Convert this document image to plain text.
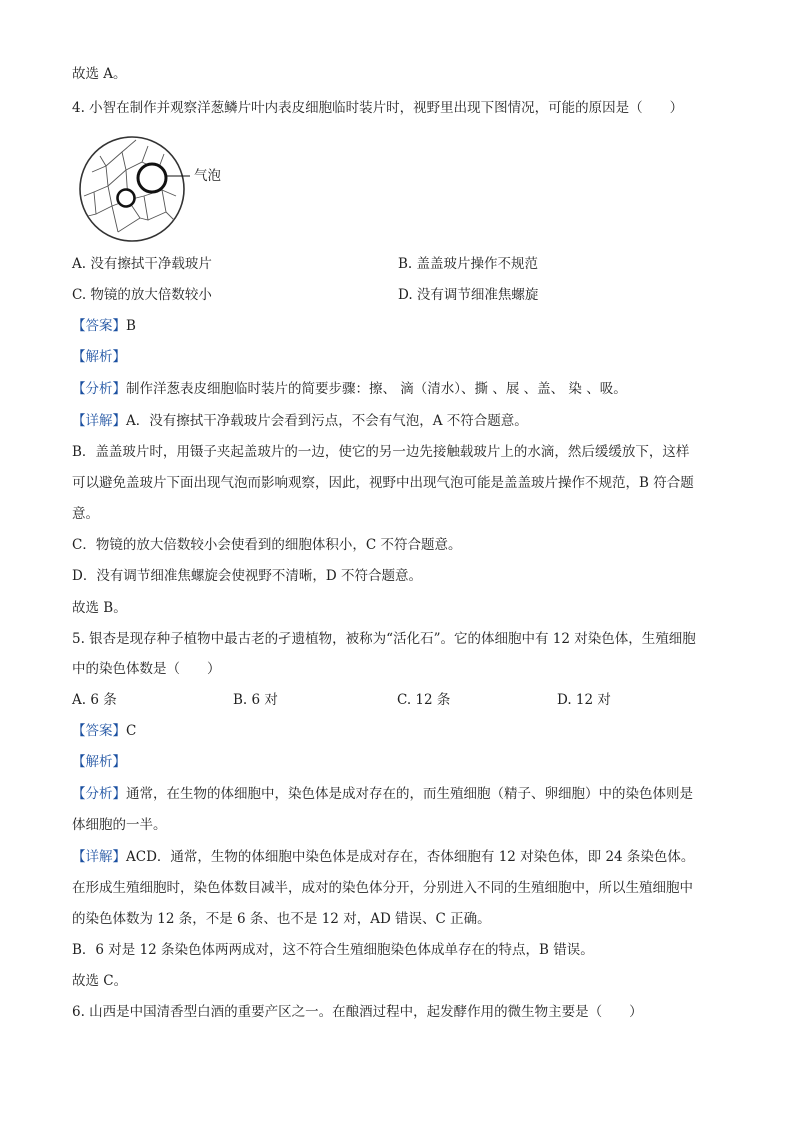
故选 A。
4. 小智在制作并观察洋葱鳞片叶内表皮细胞临时装片时，视野里出现下图情况，可能的原因是（　　）
气泡
A. 没有擦拭干净载玻片	B. 盖盖玻片操作不规范
C. 物镜的放大倍数较小	D. 没有调节细准焦螺旋
【答案】B
【解析】
【分析】制作洋葱表皮细胞临时装片的简要步骤：擦、 滴（清水）、撕 、展 、盖、 染 、吸。
【详解】A．没有擦拭干净载玻片会看到污点，不会有气泡，A 不符合题意。
B．盖盖玻片时，用镊子夹起盖玻片的一边，使它的另一边先接触载玻片上的水滴，然后缓缓放下，这样
可以避免盖玻片下面出现气泡而影响观察，因此，视野中出现气泡可能是盖盖玻片操作不规范，B 符合题
意。
C．物镜的放大倍数较小会使看到的细胞体积小，C 不符合题意。
D．没有调节细准焦螺旋会使视野不清晰，D 不符合题意。
故选 B。
5. 银杏是现存种子植物中最古老的孑遗植物，被称为“活化石”。它的体细胞中有 12 对染色体，生殖细胞
中的染色体数是（　　）
A. 6 条	B. 6 对	C. 12 条	D. 12 对
【答案】C
【解析】
【分析】通常，在生物的体细胞中，染色体是成对存在的，而生殖细胞（精子、卵细胞）中的染色体则是
体细胞的一半。
【详解】ACD．通常，生物的体细胞中染色体是成对存在，杏体细胞有 12 对染色体，即 24 条染色体。
在形成生殖细胞时，染色体数目减半，成对的染色体分开，分别进入不同的生殖细胞中，所以生殖细胞中
的染色体数为 12 条，不是 6 条、也不是 12 对，AD 错误、C 正确。
B．6 对是 12 条染色体两两成对，这不符合生殖细胞染色体成单存在的特点，B 错误。
故选 C。
6. 山西是中国清香型白酒的重要产区之一。在酿酒过程中，起发酵作用的微生物主要是（　　）
